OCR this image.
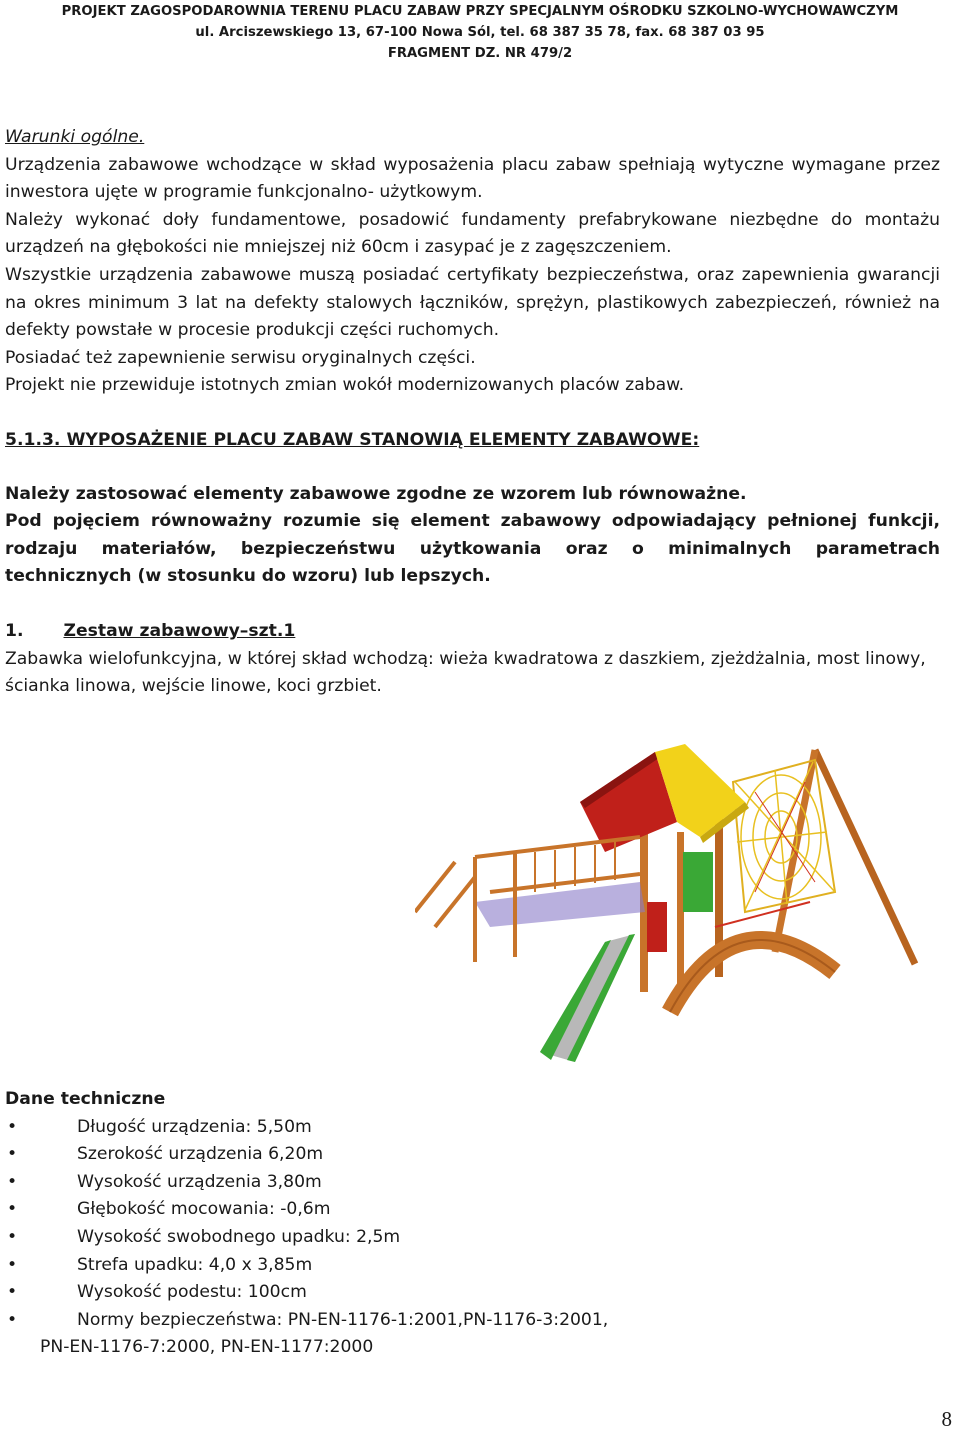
PROJEKT ZAGOSPODAROWNIA TERENU PLACU ZABAW PRZY SPECJALNYM OŚRODKU SZKOLNO-WYCHOWAWCZYM
ul. Arciszewskiego 13, 67-100 Nowa Sól, tel. 68 387 35 78, fax. 68 387 03 95
FRAGMENT DZ. NR 479/2

Warunki ogólne.

Urządzenia zabawowe wchodzące w skład wyposażenia placu zabaw spełniają wytyczne wymagane przez inwestora ujęte w programie funkcjonalno- użytkowym.

Należy wykonać doły fundamentowe, posadowić fundamenty prefabrykowane niezbędne do montażu urządzeń na głębokości nie mniejszej niż 60cm i zasypać je z zagęszczeniem.

Wszystkie urządzenia zabawowe muszą posiadać certyfikaty bezpieczeństwa, oraz zapewnienia gwarancji na okres minimum 3 lat na defekty stalowych łączników, sprężyn, plastikowych zabezpieczeń, również na defekty powstałe w procesie produkcji części ruchomych.

Posiadać też zapewnienie serwisu oryginalnych części.

Projekt nie przewiduje istotnych zmian wokół modernizowanych placów zabaw.

5.1.3. WYPOSAŻENIE PLACU ZABAW STANOWIĄ ELEMENTY ZABAWOWE:

Należy zastosować elementy zabawowe zgodne ze wzorem lub równoważne.

Pod pojęciem równoważny rozumie się element zabawowy odpowiadający pełnionej funkcji, rodzaju materiałów, bezpieczeństwu użytkowania oraz o minimalnych parametrach technicznych (w stosunku do wzoru) lub lepszych.

1. Zestaw zabawowy–szt.1

Zabawka wielofunkcyjna, w której skład wchodzą: wieża kwadratowa z daszkiem, zjeżdżalnia, most linowy, ścianka linowa, wejście linowe, koci grzbiet.

Dane techniczne

•	Długość urządzenia: 5,50m
•	Szerokość urządzenia 6,20m
•	Wysokość urządzenia 3,80m
•	Głębokość mocowania: -0,6m
•	Wysokość swobodnego upadku: 2,5m
•	Strefa upadku: 4,0 x 3,85m
•	Wysokość podestu: 100cm
•	Normy bezpieczeństwa: PN-EN-1176-1:2001,PN-1176-3:2001,

PN-EN-1176-7:2000, PN-EN-1177:2000

8
